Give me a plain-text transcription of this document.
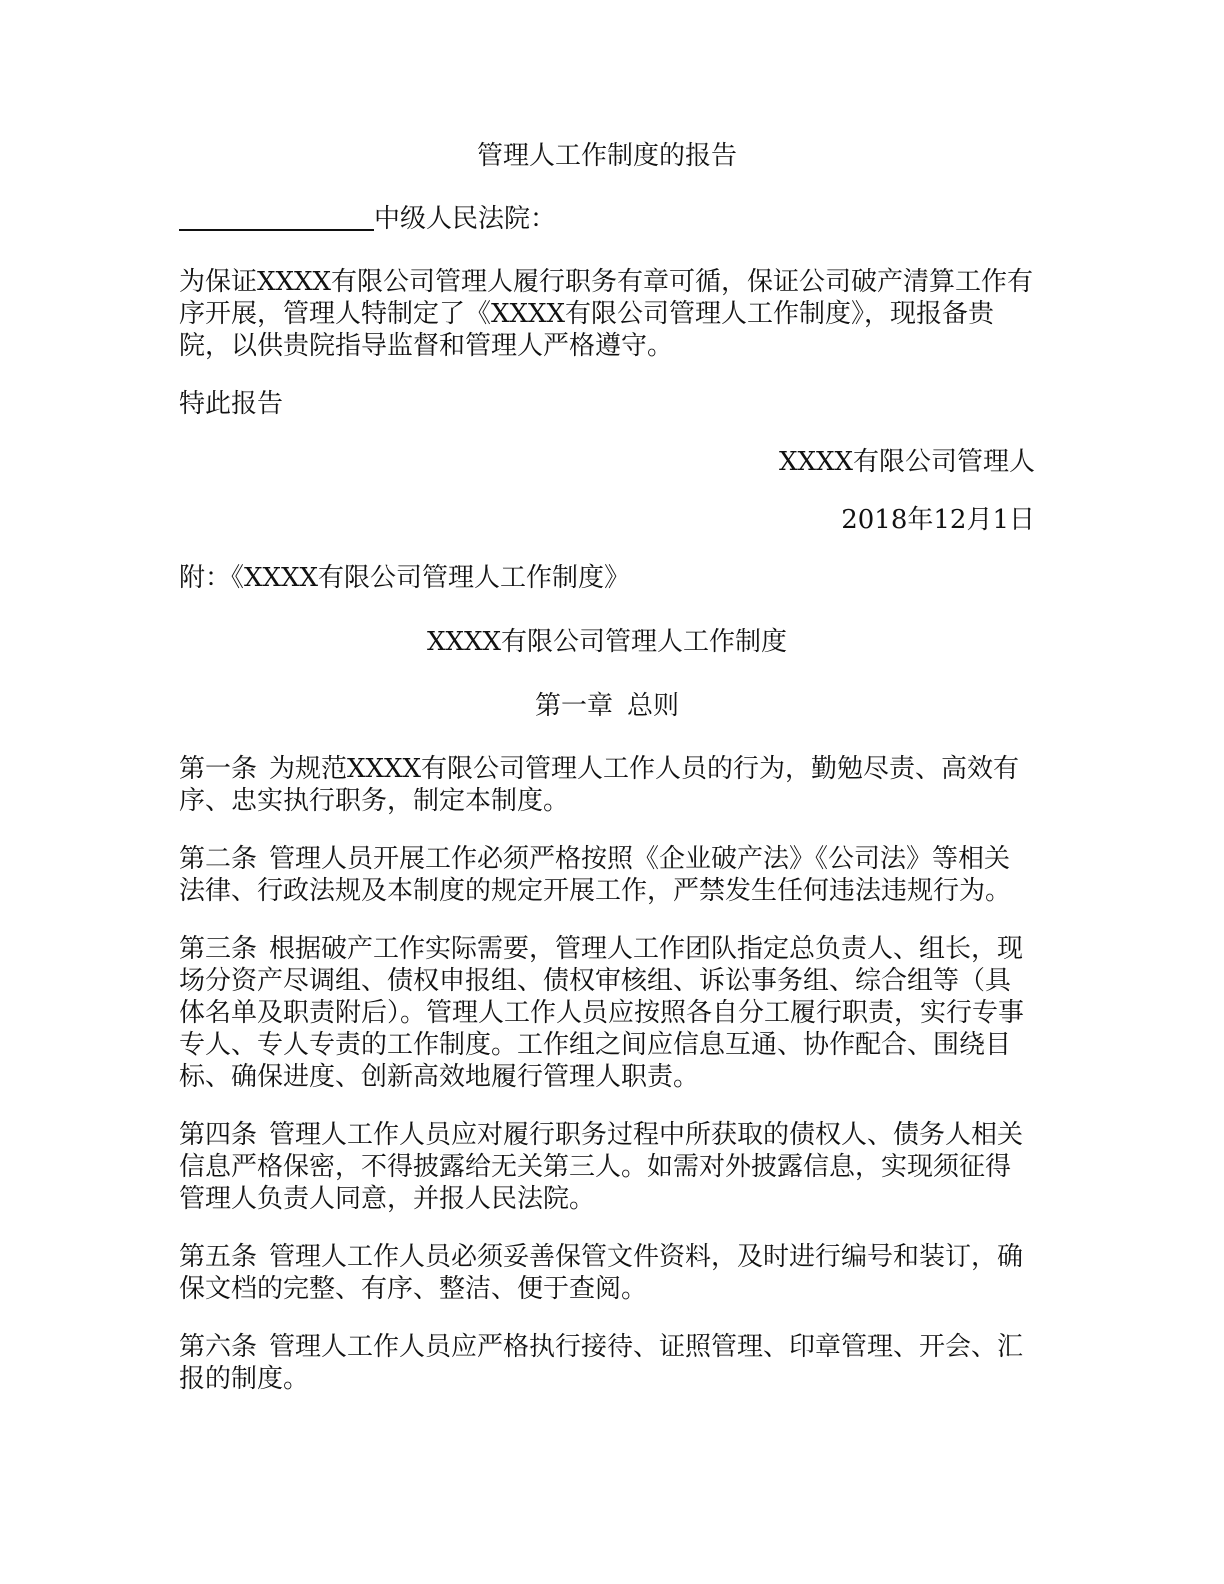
管理人工作制度的报告

中级人民法院：

为保证XXXX有限公司管理人履行职务有章可循，保证公司破产清算工作有序开展，管理人特制定了《XXXX有限公司管理人工作制度》，现报备贵院，以供贵院指导监督和管理人严格遵守。

特此报告

XXXX有限公司管理人

2018年12月1日

附：《XXXX有限公司管理人工作制度》

XXXX有限公司管理人工作制度

第一章 总则

第一条 为规范XXXX有限公司管理人工作人员的行为，勤勉尽责、高效有序、忠实执行职务，制定本制度。

第二条 管理人员开展工作必须严格按照《企业破产法》《公司法》等相关法律、行政法规及本制度的规定开展工作，严禁发生任何违法违规行为。

第三条 根据破产工作实际需要，管理人工作团队指定总负责人、组长，现场分资产尽调组、债权申报组、债权审核组、诉讼事务组、综合组等（具体名单及职责附后）。管理人工作人员应按照各自分工履行职责，实行专事专人、专人专责的工作制度。工作组之间应信息互通、协作配合、围绕目标、确保进度、创新高效地履行管理人职责。

第四条 管理人工作人员应对履行职务过程中所获取的债权人、债务人相关信息严格保密，不得披露给无关第三人。如需对外披露信息，实现须征得管理人负责人同意，并报人民法院。

第五条 管理人工作人员必须妥善保管文件资料，及时进行编号和装订，确保文档的完整、有序、整洁、便于查阅。

第六条 管理人工作人员应严格执行接待、证照管理、印章管理、开会、汇报的制度。
